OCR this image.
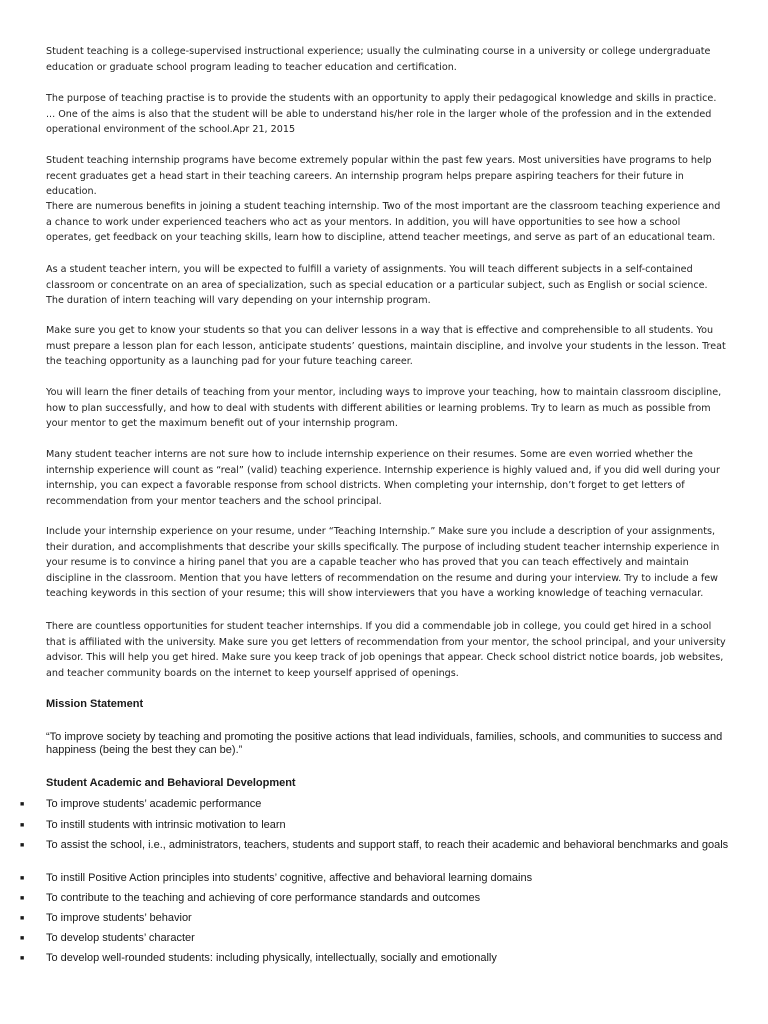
Student teaching is a college-supervised instructional experience; usually the culminating course in a university or college undergraduate education or graduate school program leading to teacher education and certification.

The purpose of teaching practise is to provide the students with an opportunity to apply their pedagogical knowledge and skills in practice. ... One of the aims is also that the student will be able to understand his/her role in the larger whole of the profession and in the extended operational environment of the school.Apr 21, 2015

Student teaching internship programs have become extremely popular within the past few years. Most universities have programs to help recent graduates get a head start in their teaching careers. An internship program helps prepare aspiring teachers for their future in education.

There are numerous benefits in joining a student teaching internship. Two of the most important are the classroom teaching experience and a chance to work under experienced teachers who act as your mentors. In addition, you will have opportunities to see how a school operates, get feedback on your teaching skills, learn how to discipline, attend teacher meetings, and serve as part of an educational team.

As a student teacher intern, you will be expected to fulfill a variety of assignments. You will teach different subjects in a self-contained classroom or concentrate on an area of specialization, such as special education or a particular subject, such as English or social science. The duration of intern teaching will vary depending on your internship program.

Make sure you get to know your students so that you can deliver lessons in a way that is effective and comprehensible to all students. You must prepare a lesson plan for each lesson, anticipate students’ questions, maintain discipline, and involve your students in the lesson. Treat the teaching opportunity as a launching pad for your future teaching career.

You will learn the finer details of teaching from your mentor, including ways to improve your teaching, how to maintain classroom discipline, how to plan successfully, and how to deal with students with different abilities or learning problems. Try to learn as much as possible from your mentor to get the maximum benefit out of your internship program.

Many student teacher interns are not sure how to include internship experience on their resumes. Some are even worried whether the internship experience will count as “real” (valid) teaching experience. Internship experience is highly valued and, if you did well during your internship, you can expect a favorable response from school districts. When completing your internship, don’t forget to get letters of recommendation from your mentor teachers and the school principal.

Include your internship experience on your resume, under “Teaching Internship.” Make sure you include a description of your assignments, their duration, and accomplishments that describe your skills specifically. The purpose of including student teacher internship experience in your resume is to convince a hiring panel that you are a capable teacher who has proved that you can teach effectively and maintain discipline in the classroom. Mention that you have letters of recommendation on the resume and during your interview. Try to include a few teaching keywords in this section of your resume; this will show interviewers that you have a working knowledge of teaching vernacular.

There are countless opportunities for student teacher internships. If you did a commendable job in college, you could get hired in a school that is affiliated with the university. Make sure you get letters of recommendation from your mentor, the school principal, and your university advisor. This will help you get hired. Make sure you keep track of job openings that appear. Check school district notice boards, job websites, and teacher community boards on the internet to keep yourself apprised of openings.

Mission Statement

“To improve society by teaching and promoting the positive actions that lead individuals, families, schools, and communities to success and happiness (being the best they can be).”

Student Academic and Behavioral Development
■ To improve students’ academic performance
■ To instill students with intrinsic motivation to learn
■ To assist the school, i.e., administrators, teachers, students and support staff, to reach their academic and behavioral benchmarks and goals
■ To instill Positive Action principles into students’ cognitive, affective and behavioral learning domains
■ To contribute to the teaching and achieving of core performance standards and outcomes
■ To improve students’ behavior
■ To develop students’ character
■ To develop well-rounded students: including physically, intellectually, socially and emotionally
